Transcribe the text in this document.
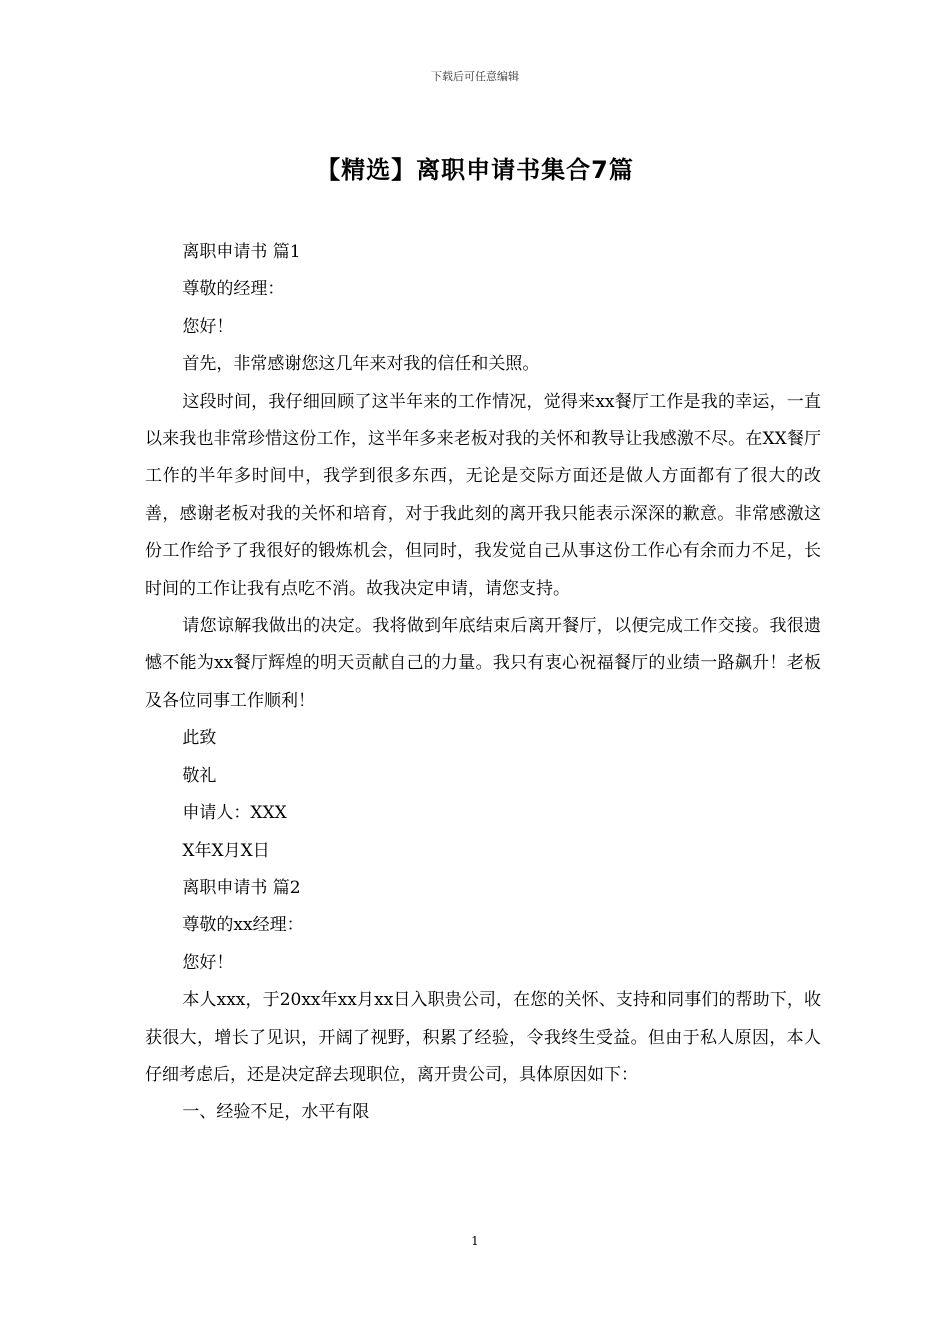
下载后可任意编辑
【精选】离职申请书集合7篇

离职申请书 篇1

尊敬的经理：

您好！

首先，非常感谢您这几年来对我的信任和关照。

这段时间，我仔细回顾了这半年来的工作情况，觉得来xx餐厅工作是我的幸运，一直以来我也非常珍惜这份工作，这半年多来老板对我的关怀和教导让我感激不尽。在XX餐厅工作的半年多时间中，我学到很多东西，无论是交际方面还是做人方面都有了很大的改善，感谢老板对我的关怀和培育，对于我此刻的离开我只能表示深深的歉意。非常感激这份工作给予了我很好的锻炼机会，但同时，我发觉自己从事这份工作心有余而力不足，长时间的工作让我有点吃不消。故我决定申请，请您支持。

请您谅解我做出的决定。我将做到年底结束后离开餐厅，以便完成工作交接。我很遗憾不能为xx餐厅辉煌的明天贡献自己的力量。我只有衷心祝福餐厅的业绩一路飙升！老板及各位同事工作顺利！

此致

敬礼

申请人：XXX

X年X月X日

离职申请书 篇2

尊敬的xx经理：

您好！

本人xxx，于20xx年xx月xx日入职贵公司，在您的关怀、支持和同事们的帮助下，收获很大，增长了见识，开阔了视野，积累了经验，令我终生受益。但由于私人原因，本人仔细考虑后，还是决定辞去现职位，离开贵公司，具体原因如下：

一、经验不足，水平有限

1
